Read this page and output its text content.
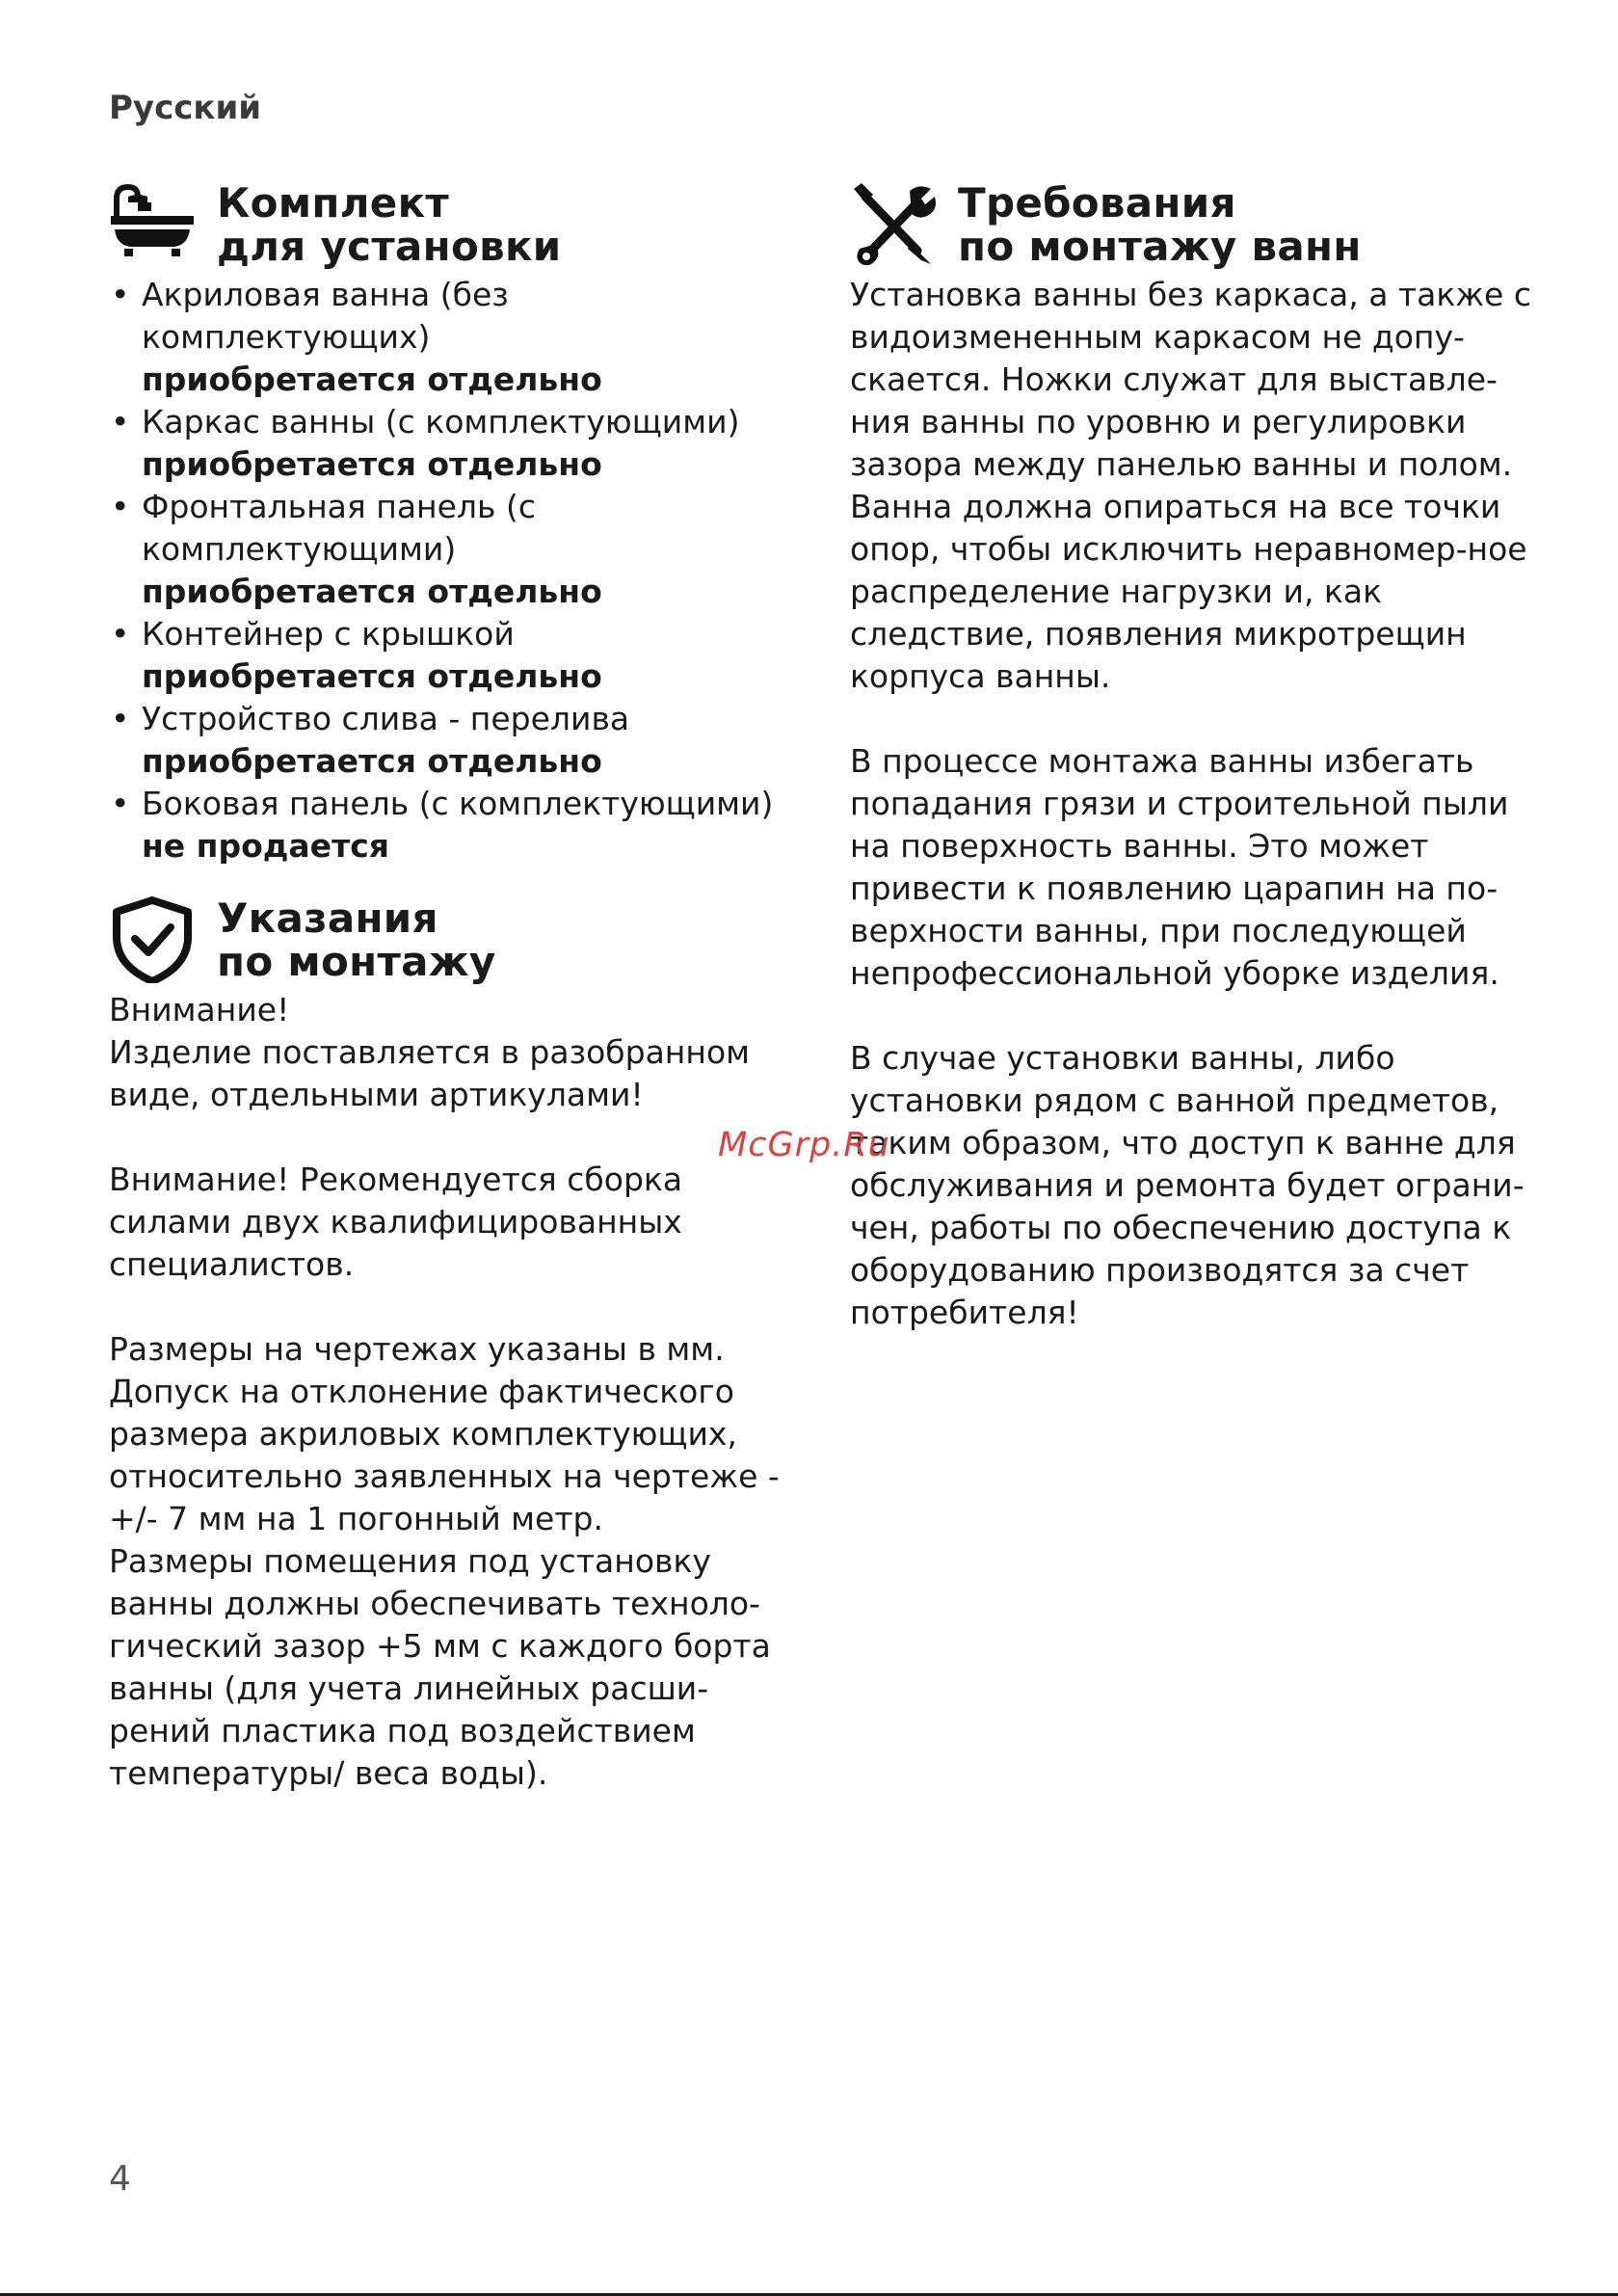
Русский
Комплект
для установки
• Акриловая ванна (без комплектующих)
приобретается отдельно
• Каркас ванны (с комплектующими)
приобретается отдельно
• Фронтальная панель (с комплектующими)
приобретается отдельно
• Контейнер с крышкой
приобретается отдельно
• Устройство слива - перелива
приобретается отдельно
• Боковая панель (с комплектующими)
не продается
Указания
по монтажу

Внимание!
Изделие поставляется в разобранном виде, отдельными артикулами!

Внимание! Рекомендуется сборка силами двух квалифицированных специалистов.

Размеры на чертежах указаны в мм. Допуск на отклонение фактического размера акриловых комплектующих, относительно заявленных на чертеже - +/- 7 мм на 1 погонный метр.

Размеры помещения под установку ванны должны обеспечивать техноло-гический зазор +5 мм с каждого борта ванны (для учета линейных расши-рений пластика под воздействием температуры/ веса воды).

Требования
по монтажу ванн

Установка ванны без каркаса, а также с видоизмененным каркасом не допу-скается. Ножки служат для выставле-ния ванны по уровню и регулировки зазора между панелью ванны и полом. Ванна должна опираться на все точки опор, чтобы исключить неравномер-ное распределение нагрузки и, как следствие, появления микротрещин корпуса ванны.

В процессе монтажа ванны избегать попадания грязи и строительной пыли на поверхность ванны. Это может привести к появлению царапин на по-верхности ванны, при последующей непрофессиональной уборке изделия.

В случае установки ванны, либо установки рядом с ванной предметов, таким образом, что доступ к ванне для обслуживания и ремонта будет ограни-чен, работы по обеспечению доступа к оборудованию производятся за счет потребителя!

McGrp.Ru
4
